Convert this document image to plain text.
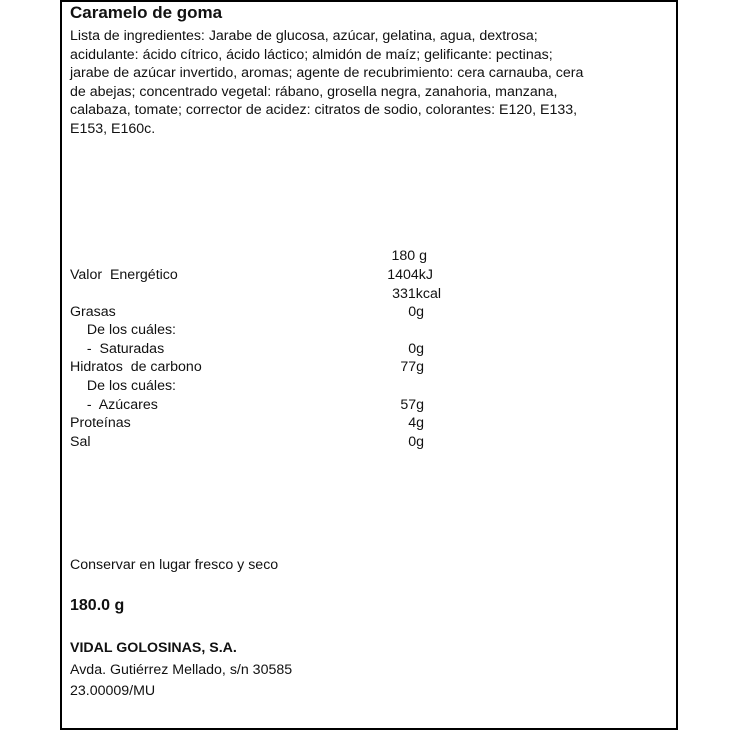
Caramelo de goma
Lista de ingredientes: Jarabe de glucosa, azúcar, gelatina, agua, dextrosa;
acidulante: ácido cítrico, ácido láctico; almidón de maíz; gelificante: pectinas;
jarabe de azúcar invertido, aromas; agente de recubrimiento: cera carnauba, cera
de abejas; concentrado vegetal: rábano, grosella negra, zanahoria, manzana,
calabaza, tomate; corrector de acidez: citratos de sodio, colorantes: E120, E133,
E153, E160c.
180 g
Valor  Energético	1404kJ
331kcal
Grasas	0g
De los cuáles:
-  Saturadas	0g
Hidratos  de carbono	77g
De los cuáles:
-  Azúcares	57g
Proteínas	4g
Sal	0g
Conservar en lugar fresco y seco
180.0 g
VIDAL GOLOSINAS, S.A.
Avda. Gutiérrez Mellado, s/n 30585
23.00009/MU
